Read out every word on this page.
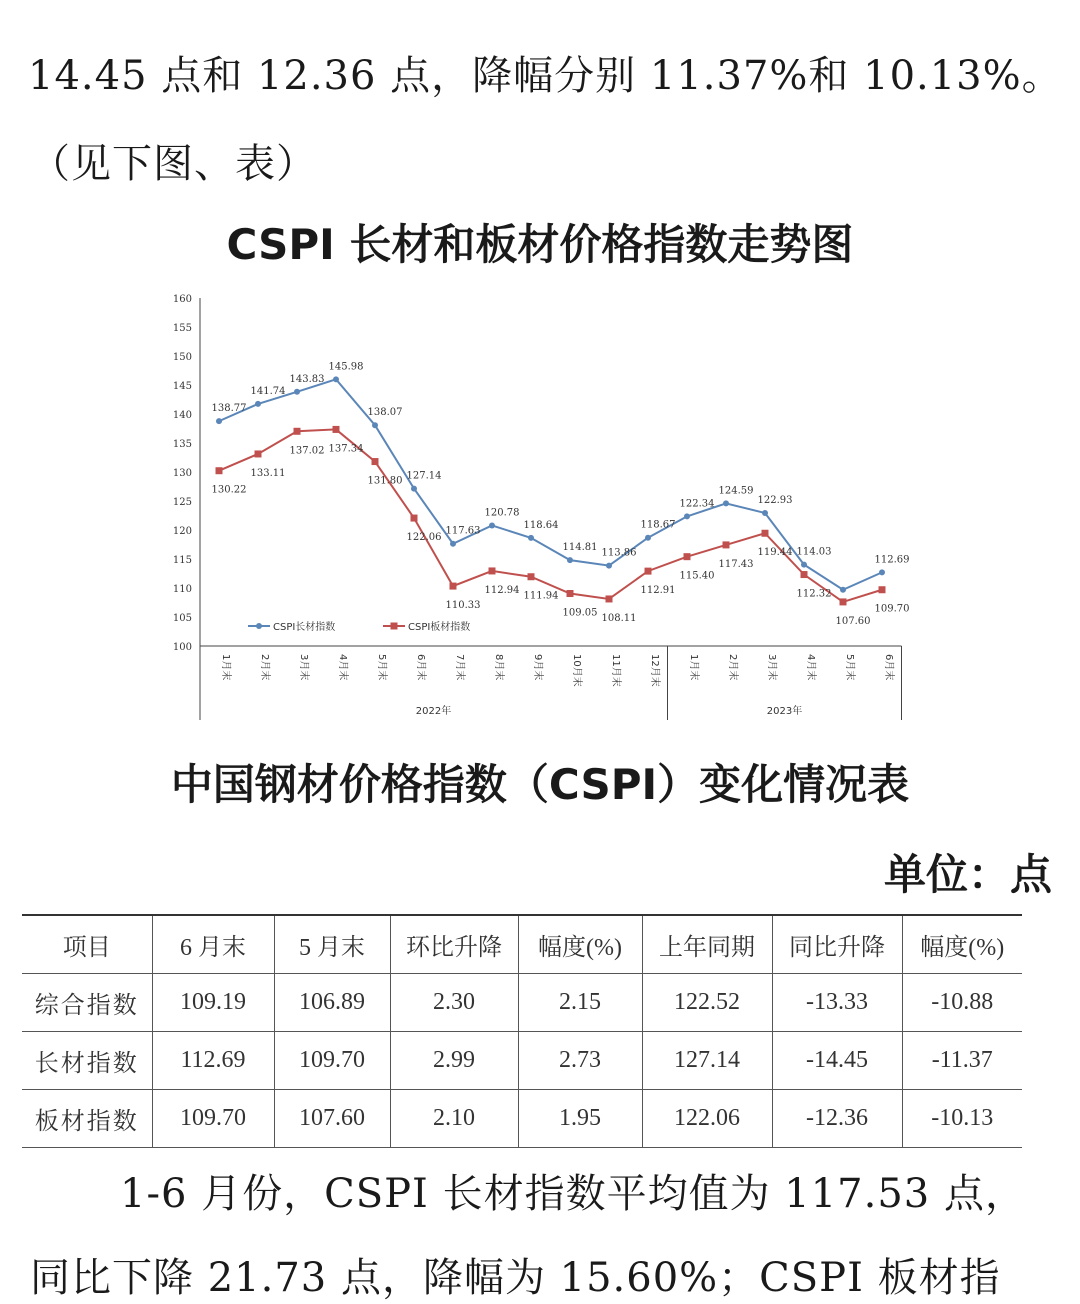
14.45 点和 12.36 点，降幅分别 11.37%和 10.13%。
（见下图、表）
CSPI 长材和板材价格指数走势图
100
105
110
115
120
125
130
135
140
145
150
155
160
1月末	2月末	3月末	4月末	5月末	6月末	7月末	8月末	9月末	10月末	11月末	12月末	1月末	2月末	3月末	4月末	5月末	6月末
2022年	2023年
138.77
141.74
143.83
145.98
138.07
127.14
117.63
120.78
118.64
114.81
113.86
118.67
122.34
124.59
122.93
114.03
112.69
130.22
133.11
137.02 137.34
131.80
122.06
110.33
112.94
111.94
109.05 108.11
112.91
115.40
117.43
119.44
112.32
107.60
109.70
CSPI长材指数	CSPI板材指数
中国钢材价格指数（CSPI）变化情况表
单位：点
项目	6 月末	5 月末	环比升降	幅度(%)	上年同期	同比升降	幅度(%)
综合指数	109.19	106.89	2.30	2.15	122.52	-13.33	-10.88
长材指数	112.69	109.70	2.99	2.73	127.14	-14.45	-11.37
板材指数	109.70	107.60	2.10	1.95	122.06	-12.36	-10.13
1-6 月份，CSPI 长材指数平均值为 117.53 点，
同比下降 21.73 点，降幅为 15.60%；CSPI 板材指
